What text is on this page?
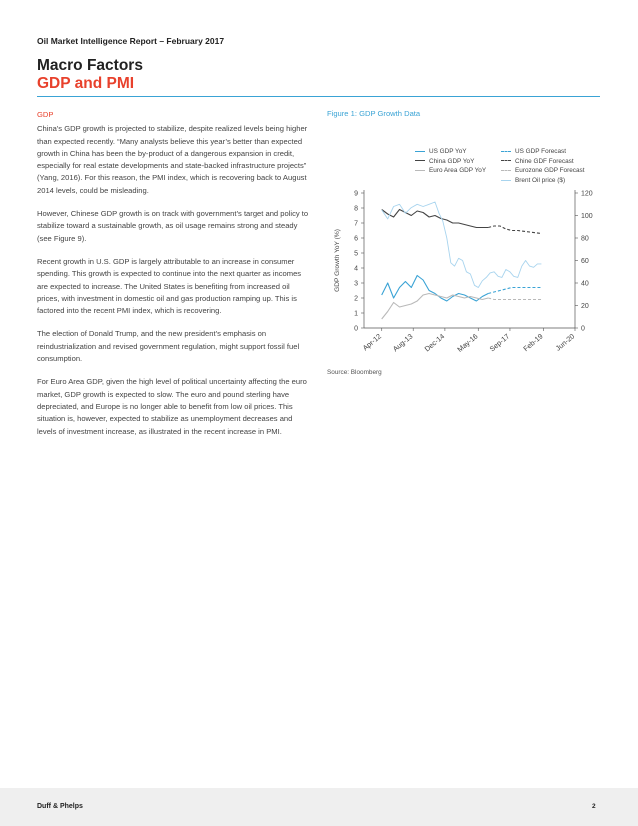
Oil Market Intelligence Report – February 2017
Macro Factors
GDP and PMI
GDP

China's GDP growth is projected to stabilize, despite realized levels being higher than expected recently. “Many analysts believe this year’s better than expected growth in China has been the by-product of a dangerous expansion in credit, especially for real estate developments and state-backed infrastructure projects” (Yang, 2016). For this reason, the PMI index, which is recovering back to August 2014 levels, could be misleading.

However, Chinese GDP growth is on track with government’s target and policy to stabilize toward a sustainable growth, as oil usage remains strong and steady (see Figure 9).

Recent growth in U.S. GDP is largely attributable to an increase in consumer spending. This growth is expected to continue into the next quarter as incomes are expected to increase. The United States is benefiting from increased oil prices, with investment in domestic oil and gas production ramping up. This is factored into the recent PMI index, which is recovering.

The election of Donald Trump, and the new president’s emphasis on reindustrialization and revised government regulation, might support fossil fuel consumption.

For Euro Area GDP, given the high level of political uncertainty affecting the euro market, GDP growth is expected to slow. The euro and pound sterling have depreciated, and Europe is no longer able to benefit from low oil prices. This situation is, however, expected to stabilize as unemployment decreases and levels of investment increase, as illustrated in the recent increase in PMI.

Figure 1: GDP Growth Data
US GDP YoY
China GDP YoY
Euro Area GDP YoY
US GDP Forecast
Chine GDF Forecast
Eurozone GDP Forecast
Brent Oil price ($)
0
1
2
3
4
5
6
7
8
9
0
20
40
60
80
100
120
Apr-12 Aug-13 Dec-14 May-16 Sep-17 Feb-19 Jun-20
GDP Growth YoY (%)
Source: Bloomberg
Duff & Phelps	2
